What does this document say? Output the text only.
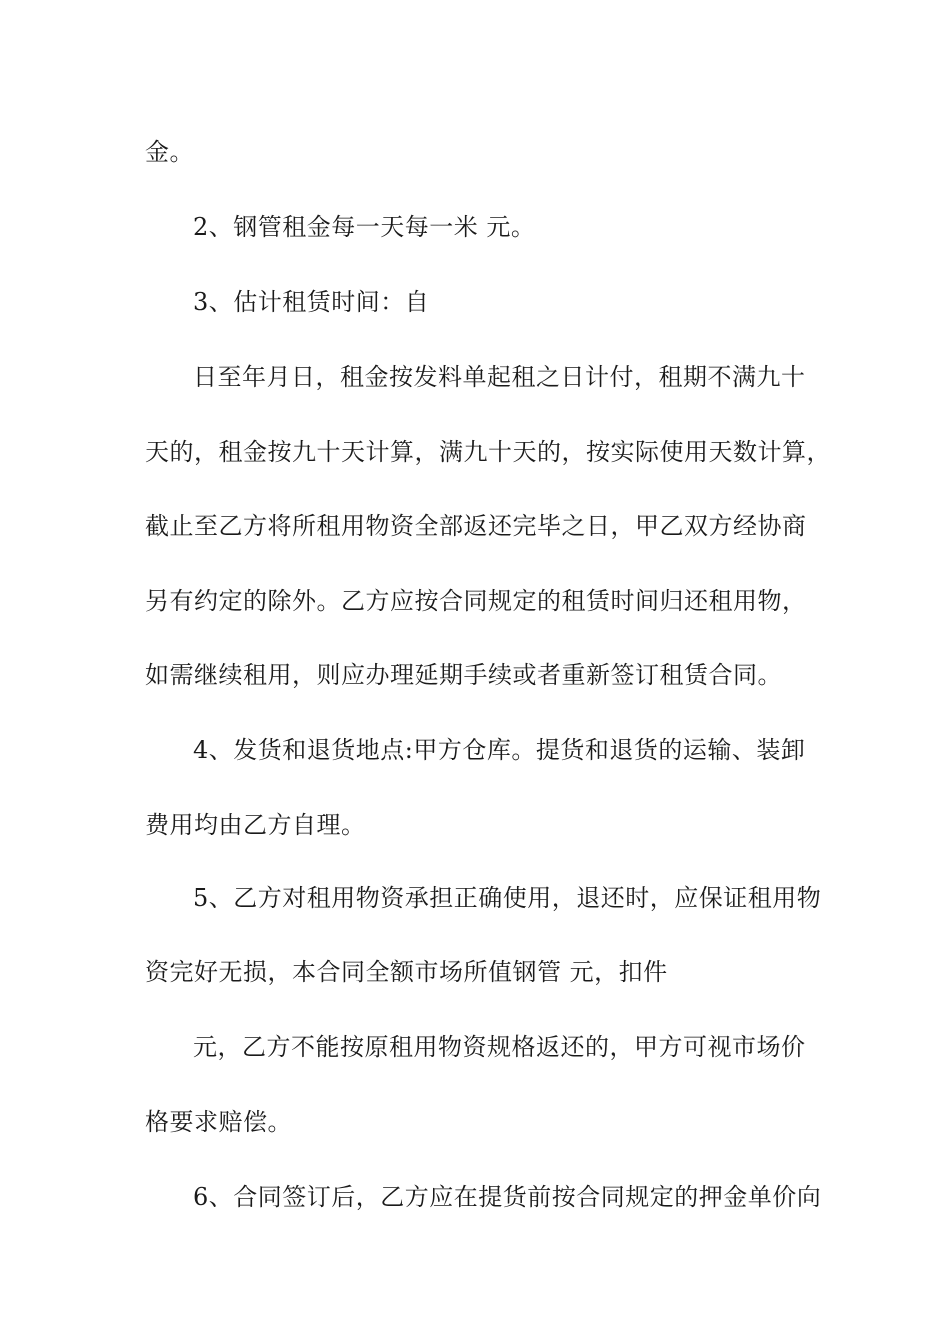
金。
2、钢管租金每一天每一米 元。
3、估计租赁时间：自
日至年月日，租金按发料单起租之日计付，租期不满九十
天的，租金按九十天计算，满九十天的，按实际使用天数计算，
截止至乙方将所租用物资全部返还完毕之日，甲乙双方经协商
另有约定的除外。乙方应按合同规定的租赁时间归还租用物，
如需继续租用，则应办理延期手续或者重新签订租赁合同。
4、发货和退货地点:甲方仓库。提货和退货的运输、装卸
费用均由乙方自理。
5、乙方对租用物资承担正确使用，退还时，应保证租用物
资完好无损，本合同全额市场所值钢管 元，扣件
元，乙方不能按原租用物资规格返还的，甲方可视市场价
格要求赔偿。
6、合同签订后，乙方应在提货前按合同规定的押金单价向
